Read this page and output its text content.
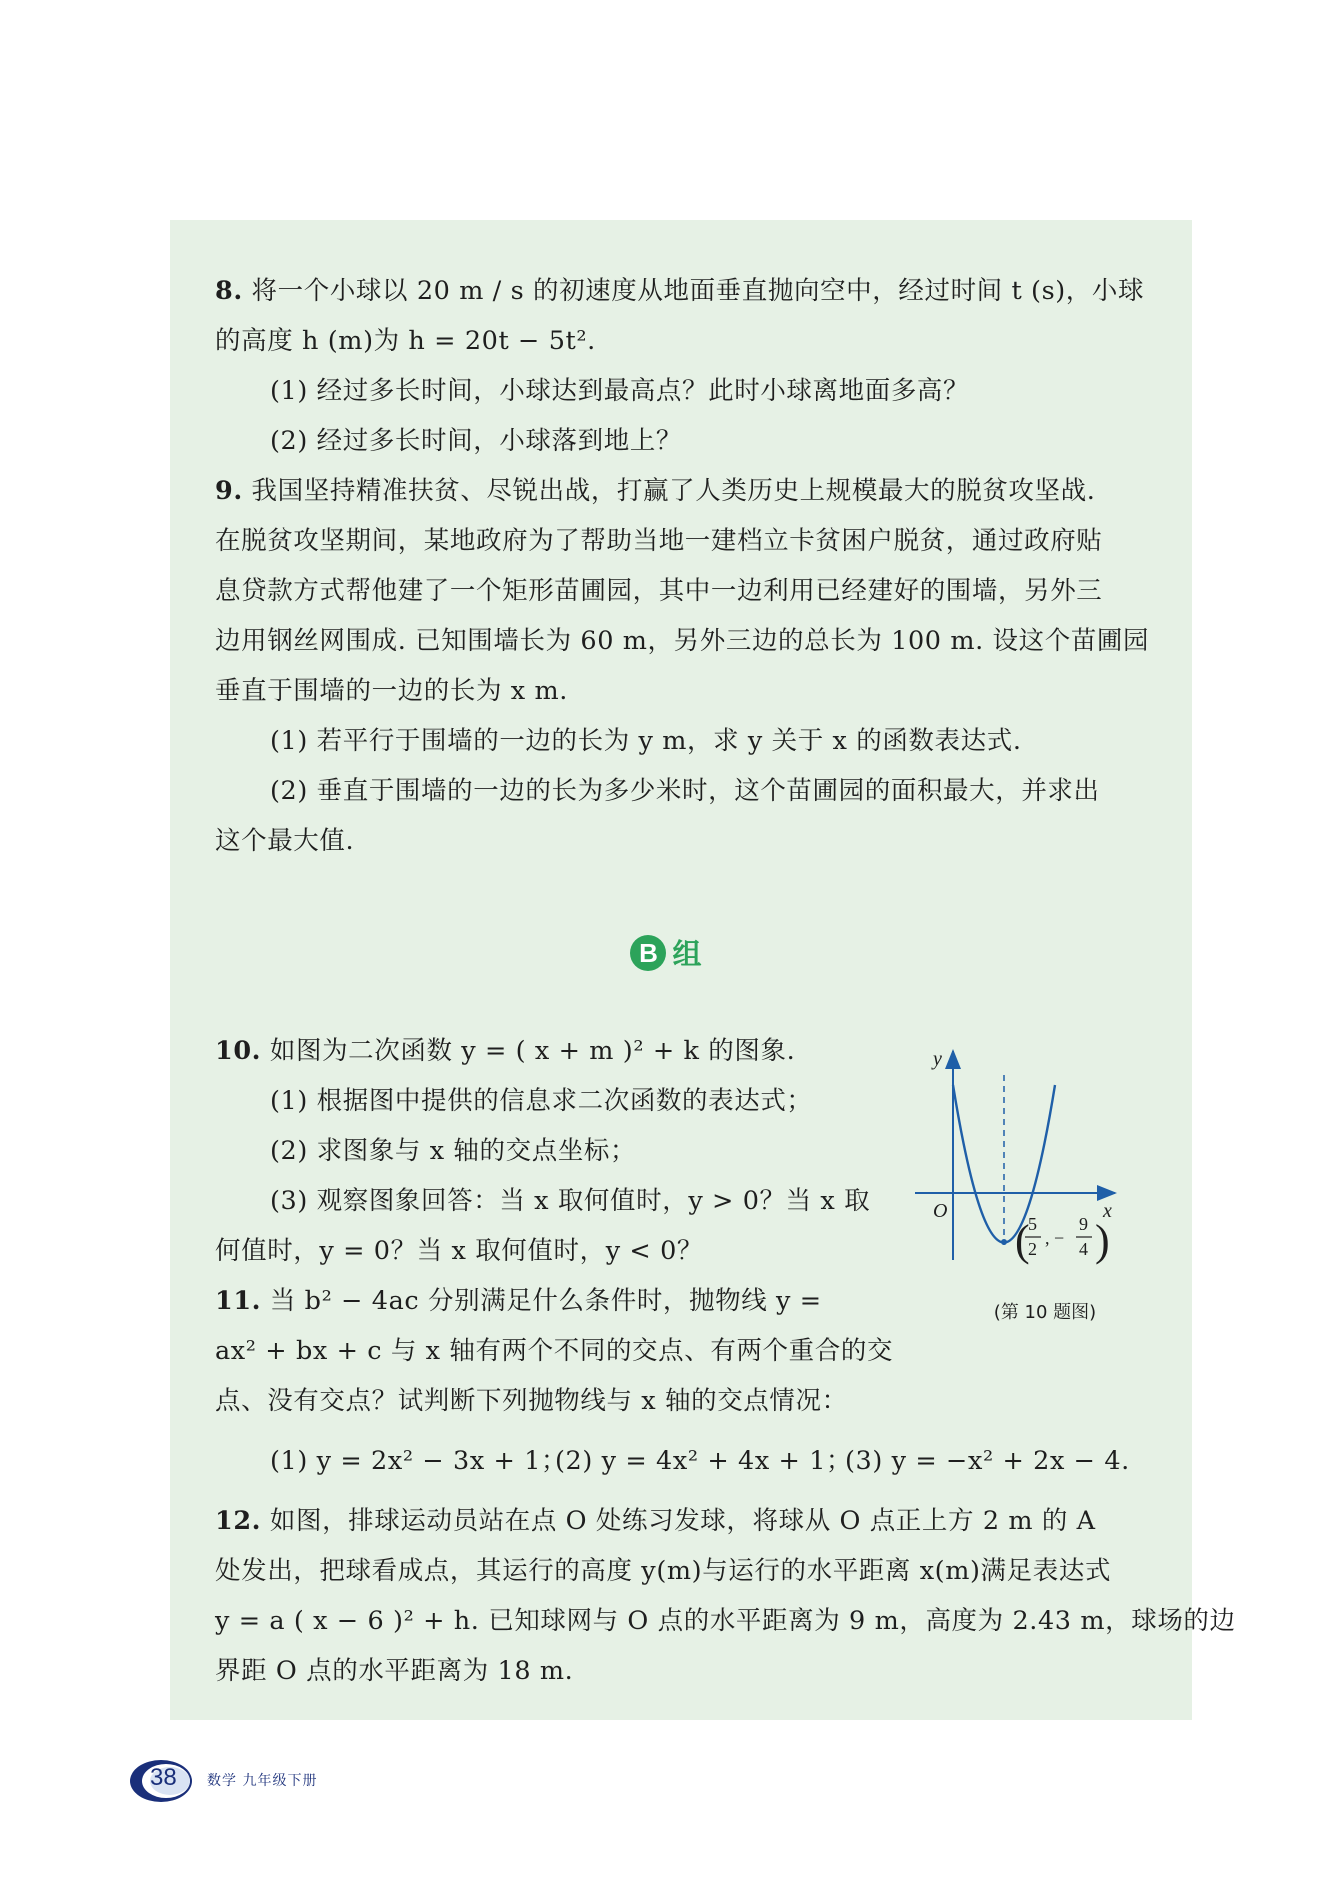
8. 将一个小球以 20 m / s 的初速度从地面垂直抛向空中，经过时间 t (s)，小球
的高度 h (m)为 h = 20t − 5t².
(1) 经过多长时间，小球达到最高点？此时小球离地面多高？
(2) 经过多长时间，小球落到地上？
9. 我国坚持精准扶贫、尽锐出战，打赢了人类历史上规模最大的脱贫攻坚战.
在脱贫攻坚期间，某地政府为了帮助当地一建档立卡贫困户脱贫，通过政府贴
息贷款方式帮他建了一个矩形苗圃园，其中一边利用已经建好的围墙，另外三
边用钢丝网围成. 已知围墙长为 60 m，另外三边的总长为 100 m. 设这个苗圃园
垂直于围墙的一边的长为 x m.
(1) 若平行于围墙的一边的长为 y m，求 y 关于 x 的函数表达式.
(2) 垂直于围墙的一边的长为多少米时，这个苗圃园的面积最大，并求出
这个最大值.
B 组
10. 如图为二次函数 y = ( x + m )² + k 的图象.
(1) 根据图中提供的信息求二次函数的表达式；
(2) 求图象与 x 轴的交点坐标；
(3) 观察图象回答：当 x 取何值时，y > 0？当 x 取
何值时，y = 0？当 x 取何值时，y < 0？
y
x
O
(
5
2
, −
9
4 )
(第 10 题图)
11. 当 b² − 4ac 分别满足什么条件时，抛物线 y =
ax² + bx + c 与 x 轴有两个不同的交点、有两个重合的交
点、没有交点？试判断下列抛物线与 x 轴的交点情况：
(1) y = 2x² − 3x + 1；
(2) y = 4x² + 4x + 1；
(3) y = −x² + 2x − 4.
12. 如图，排球运动员站在点 O 处练习发球，将球从 O 点正上方 2 m 的 A
处发出，把球看成点，其运行的高度 y(m)与运行的水平距离 x(m)满足表达式
y = a ( x − 6 )² + h. 已知球网与 O 点的水平距离为 9 m，高度为 2.43 m，球场的边
界距 O 点的水平距离为 18 m.
38 数学 九年级下册
